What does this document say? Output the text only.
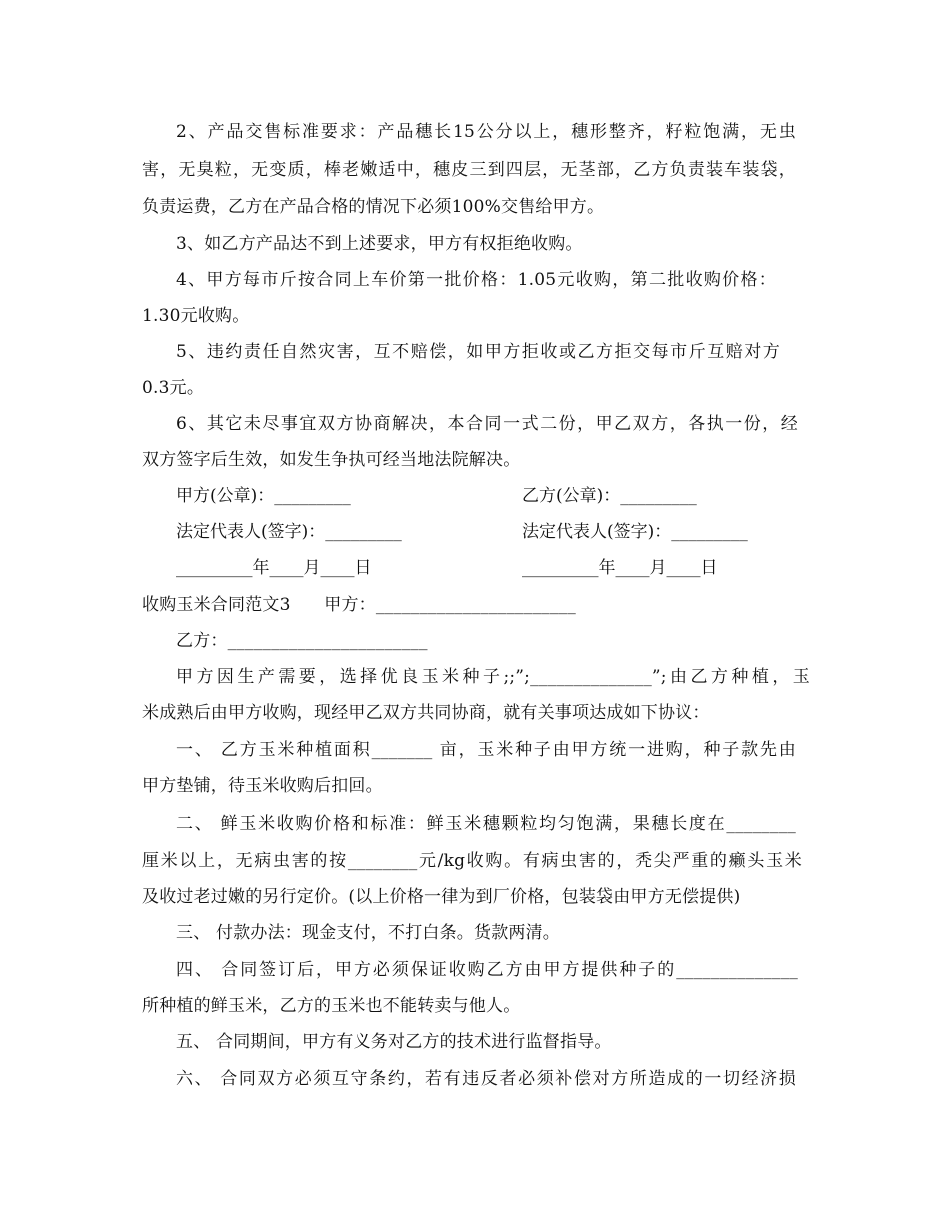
2、产品交售标准要求：产品穗长15公分以上，穗形整齐，籽粒饱满，无虫
害，无臭粒，无变质，棒老嫩适中，穗皮三到四层，无茎部，乙方负责装车装袋，
负责运费，乙方在产品合格的情况下必须100%交售给甲方。
3、如乙方产品达不到上述要求，甲方有权拒绝收购。
4、甲方每市斤按合同上车价第一批价格：1.05元收购，第二批收购价格：
1.30元收购。
5、违约责任自然灾害，互不赔偿，如甲方拒收或乙方拒交每市斤互赔对方
0.3元。
6、其它未尽事宜双方协商解决，本合同一式二份，甲乙双方，各执一份，经
双方签字后生效，如发生争执可经当地法院解决。
甲方(公章)：_________	乙方(公章)：_________
法定代表人(签字)：_________	法定代表人(签字)：_________
_________年____月____日	_________年____月____日
收购玉米合同范文3      甲方：_______________________
乙方：_______________________
甲方因生产需要，选择优良玉米种子;;”;______________”;由乙方种植，玉
米成熟后由甲方收购，现经甲乙双方共同协商，就有关事项达成如下协议：
一、 乙方玉米种植面积_______ 亩，玉米种子由甲方统一进购，种子款先由
甲方垫铺，待玉米收购后扣回。
二、 鲜玉米收购价格和标准：鲜玉米穗颗粒均匀饱满，果穗长度在________
厘米以上，无病虫害的按________元/kg收购。有病虫害的，秃尖严重的癞头玉米
及收过老过嫩的另行定价。(以上价格一律为到厂价格，包装袋由甲方无偿提供)
三、 付款办法：现金支付，不打白条。货款两清。
四、 合同签订后，甲方必须保证收购乙方由甲方提供种子的______________
所种植的鲜玉米，乙方的玉米也不能转卖与他人。
五、 合同期间，甲方有义务对乙方的技术进行监督指导。
六、 合同双方必须互守条约，若有违反者必须补偿对方所造成的一切经济损
